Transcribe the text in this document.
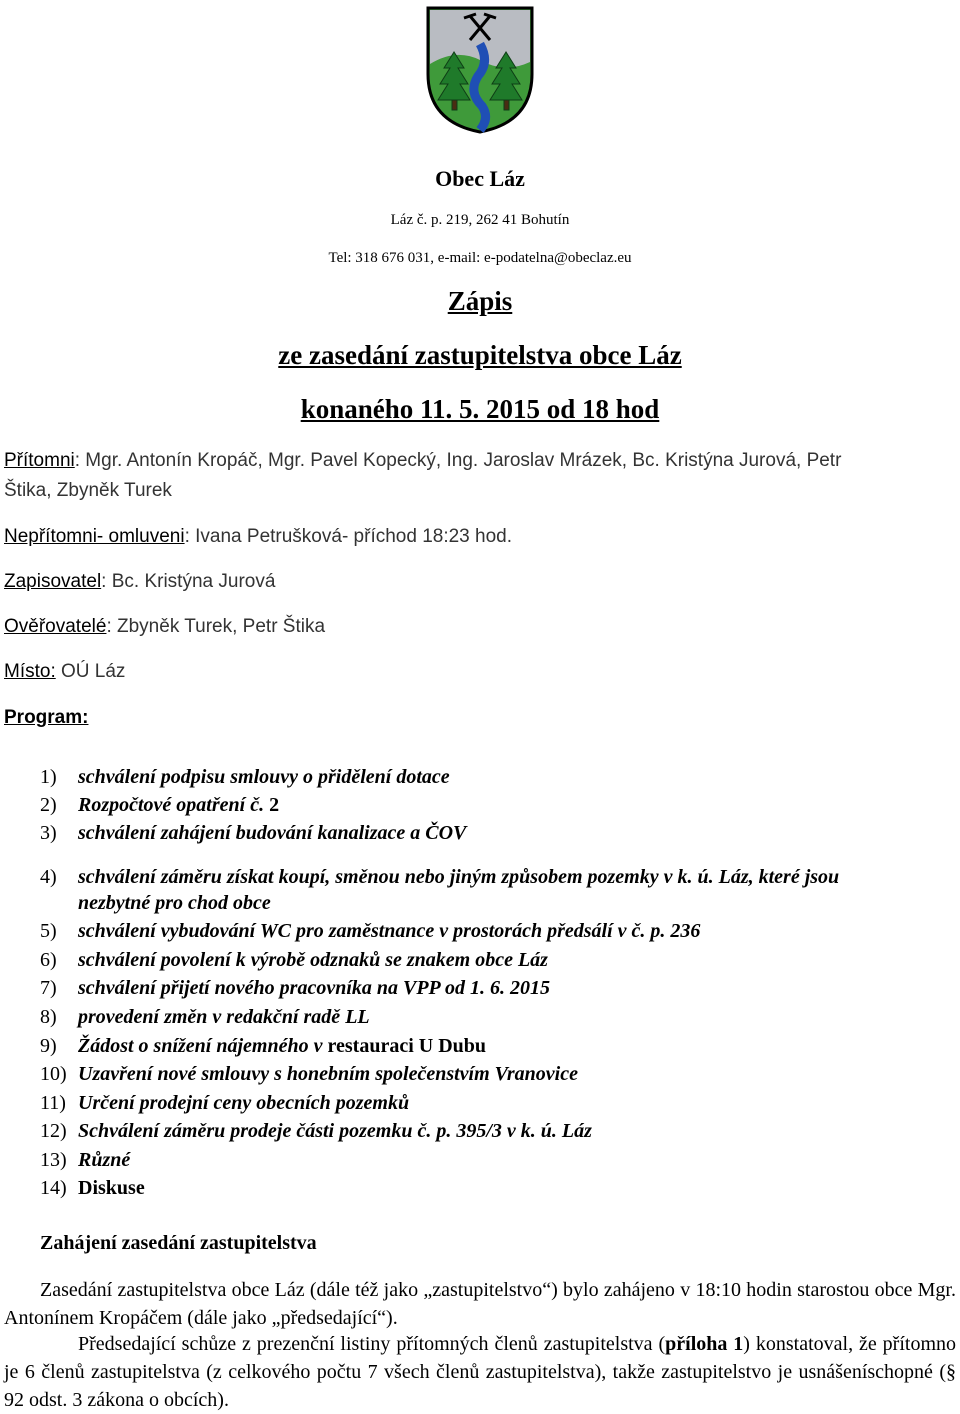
Obec Láz
Láz č. p. 219, 262 41 Bohutín
Tel: 318 676 031, e-mail: e-podatelna@obeclaz.eu
Zápis
ze zasedání zastupitelstva obce Láz
konaného 11. 5. 2015 od 18 hod
Přítomni: Mgr. Antonín Kropáč, Mgr. Pavel Kopecký, Ing. Jaroslav Mrázek, Bc. Kristýna Jurová, Petr
Štika, Zbyněk Turek
Nepřítomni- omluveni: Ivana Petrušková- příchod 18:23 hod.
Zapisovatel: Bc. Kristýna Jurová
Ověřovatelé: Zbyněk Turek, Petr Štika
Místo: OÚ Láz
Program:
1) schválení podpisu smlouvy o přidělení dotace
2) Rozpočtové opatření č. 2
3) schválení zahájení budování kanalizace a ČOV
4) schválení záměru získat koupí, směnou nebo jiným způsobem pozemky v k. ú. Láz, které jsou
nezbytné pro chod obce
5) schválení vybudování WC pro zaměstnance v prostorách předsálí v č. p. 236
6) schválení povolení k výrobě odznaků se znakem obce Láz
7) schválení přijetí nového pracovníka na VPP od 1. 6. 2015
8) provedení změn v redakční radě LL
9) Žádost o snížení nájemného v restauraci U Dubu
10) Uzavření nové smlouvy s honebním společenstvím Vranovice
11) Určení prodejní ceny obecních pozemků
12) Schválení záměru prodeje části pozemku č. p. 395/3 v k. ú. Láz
13) Různé
14) Diskuse
Zahájení zasedání zastupitelstva

Zasedání zastupitelstva obce Láz (dále též jako „zastupitelstvo“) bylo zahájeno v 18:10 hodin starostou obce Mgr. Antonínem Kropáčem (dále jako „předsedající“).

Předsedající schůze z prezenční listiny přítomných členů zastupitelstva (příloha 1) konstatoval, že přítomno je 6 členů zastupitelstva (z celkového počtu 7 všech členů zastupitelstva), takže zastupitelstvo je usnášeníschopné (§ 92 odst. 3 zákona o obcích).
